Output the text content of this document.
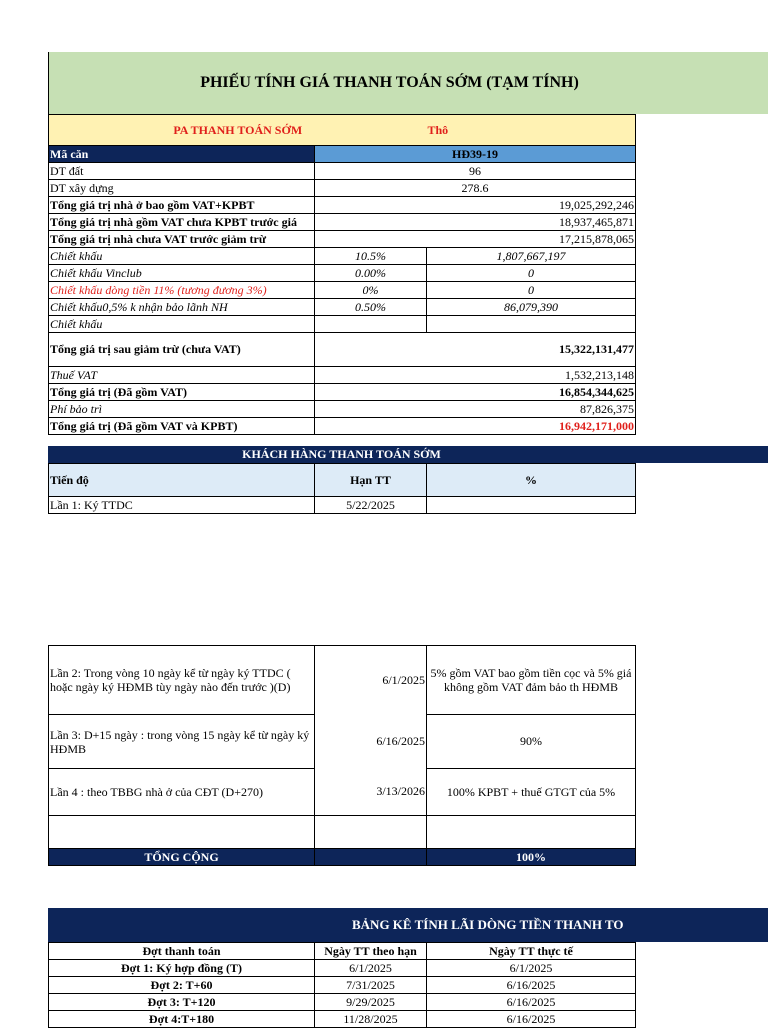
PHIẾU TÍNH GIÁ THANH TOÁN SỚM (TẠM TÍNH)
PA THANH TOÁN SỚM		Thô
Mã căn	HĐ39-19	
DT đất	96	
DT xây dựng	278.6	
Tổng giá trị nhà ở bao gồm VAT+KPBT	19,025,292,246	
Tổng giá trị nhà gồm VAT chưa KPBT trước giá	18,937,465,871	
Tổng giá trị nhà chưa VAT trước giảm trừ	17,215,878,065	
Chiết khấu	10.5%	1,807,667,197
Chiết khấu Vinclub	0.00%	0
Chiết khấu dòng tiền 11% (tương đương 3%)	0%	0
Chiết khấu0,5% k nhận bảo lãnh NH	0.50%	86,079,390
Chiết khấu		
Tổng giá trị sau giảm trừ (chưa VAT)	15,322,131,477	
Thuế VAT	1,532,213,148	
Tổng giá trị (Đã gồm VAT)	16,854,344,625	
Phí bảo trì	87,826,375	
Tổng giá trị (Đã gồm VAT và KPBT)	16,942,171,000	
KHÁCH HÀNG THANH TOÁN SỚM
Tiến độ	Hạn TT	%
Lần 1: Ký TTDC	5/22/2025	
Lần 2: Trong vòng 10 ngày kể từ ngày ký TTDC ( hoặc ngày ký HĐMB tùy ngày nào đến trước )(D)	6/1/2025	5% gồm VAT bao gồm tiền cọc và 5% giá không gồm VAT đảm bảo th HĐMB
Lần 3: D+15 ngày : trong vòng 15 ngày kể từ ngày ký HĐMB	6/16/2025	90%
Lần 4 : theo TBBG nhà ở của CĐT (D+270)	3/13/2026	100% KPBT + thuế GTGT của 5%

TỔNG CỘNG		100%
BẢNG KÊ TÍNH LÃI DÒNG TIỀN THANH TO
Đợt thanh toán	Ngày TT theo hạn	Ngày TT thực tế
Đợt 1: Ký hợp đồng (T)	6/1/2025	6/1/2025
Đợt 2: T+60	7/31/2025	6/16/2025
Đợt 3: T+120	9/29/2025	6/16/2025
Đợt 4:T+180	11/28/2025	6/16/2025
